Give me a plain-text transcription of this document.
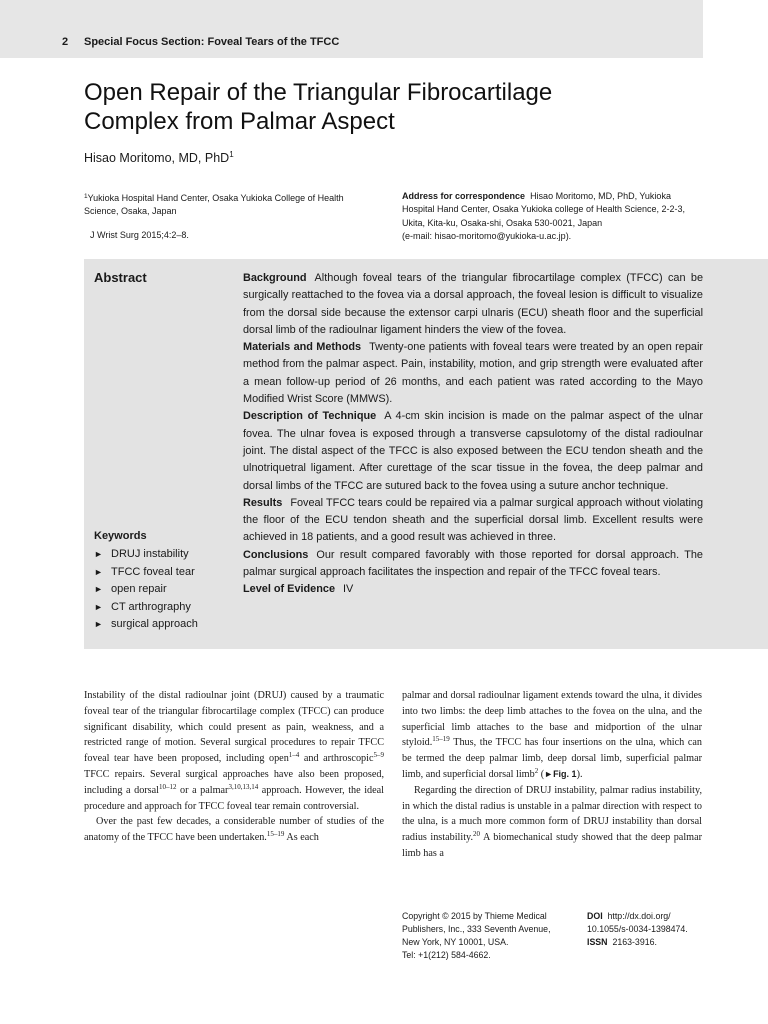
2 Special Focus Section: Foveal Tears of the TFCC
Open Repair of the Triangular Fibrocartilage
Complex from Palmar Aspect
Hisao Moritomo, MD, PhD$^1$
$^1$Yukioka Hospital Hand Center, Osaka Yukioka College of Health
Science, Osaka, Japan
J Wrist Surg 2015;4:2–8.
Address for correspondence Hisao Moritomo, MD, PhD, Yukioka
Hospital Hand Center, Osaka Yukioka college of Health Science, 2-2-3,
Ukita, Kita-ku, Osaka-shi, Osaka 530-0021, Japan
(e-mail: hisao-moritomo@yukioka-u.ac.jp).
Abstract	Background Although foveal tears of the triangular fibrocartilage complex (TFCC) can be surgically reattached to the fovea via a dorsal approach, the foveal lesion is difficult to visualize from the dorsal side because the extensor carpi ulnaris (ECU) sheath floor and the superficial dorsal limb of the radioulnar ligament hinders the view of the fovea.

Materials and Methods Twenty-one patients with foveal tears were treated by an open repair method from the palmar aspect. Pain, instability, motion, and grip strength were evaluated after a mean follow-up period of 26 months, and each patient was rated according to the Mayo Modified Wrist Score (MMWS).

Description of Technique A 4-cm skin incision is made on the palmar aspect of the ulnar fovea. The ulnar fovea is exposed through a transverse capsulotomy of the distal radioulnar joint. The distal aspect of the TFCC is also exposed between the ECU tendon sheath and the ulnotriquetral ligament. After curettage of the scar tissue in the fovea, the deep palmar and dorsal limbs of the TFCC are sutured back to the fovea using a suture anchor technique.

Results Foveal TFCC tears could be repaired via a palmar surgical approach without violating the floor of the ECU tendon sheath and the superficial dorsal limb. Excellent results were achieved in 18 patients, and a good result was achieved in three.

Conclusions Our result compared favorably with those reported for dorsal approach. The palmar surgical approach facilitates the inspection and repair of the TFCC foveal tears.

Level of Evidence IV

Keywords
► DRUJ instability
► TFCC foveal tear
► open repair
► CT arthrography
► surgical approach

Instability of the distal radioulnar joint (DRUJ) caused by a traumatic foveal tear of the triangular fibrocartilage complex (TFCC) can produce significant disability, which could present as pain, weakness, and a restricted range of motion. Several surgical procedures to repair TFCC foveal tear have been proposed, including open$^{1-4}$ and arthroscopic$^{5-9}$ TFCC repairs. Several surgical approaches have also been proposed, including a dorsal$^{10-12}$ or a palmar$^{3,10,13,14}$ approach. However, the ideal procedure and approach for TFCC foveal tear remain controversial.

Over the past few decades, a considerable number of studies of the anatomy of the TFCC have been undertaken.$^{15-19}$ As each

palmar and dorsal radioulnar ligament extends toward the ulna, it divides into two limbs: the deep limb attaches to the fovea on the ulna, and the superficial limb attaches to the base and midportion of the ulnar styloid.$^{15-19}$ Thus, the TFCC has four insertions on the ulna, which can be termed the deep palmar limb, deep dorsal limb, superficial palmar limb, and superficial dorsal limb$^2$ (►Fig. 1).

Regarding the direction of DRUJ instability, palmar radius instability, in which the distal radius is unstable in a palmar direction with respect to the ulna, is a much more common form of DRUJ instability than dorsal radius instability.$^{20}$ A biomechanical study showed that the deep palmar limb has a

Copyright © 2015 by Thieme Medical
Publishers, Inc., 333 Seventh Avenue,
New York, NY 10001, USA.
Tel: +1(212) 584-4662.
DOI http://dx.doi.org/
10.1055/s-0034-1398474.
ISSN 2163-3916.
